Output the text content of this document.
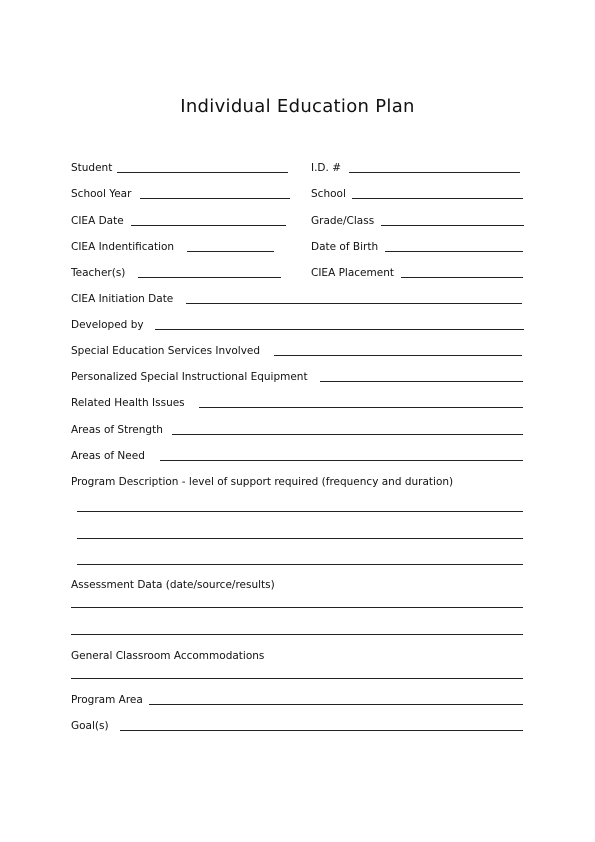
Individual Education Plan
Student	I.D. #
School Year	School
CIEA Date	Grade/Class
CIEA Indentification	Date of Birth
Teacher(s)	CIEA Placement
CIEA Initiation Date
Developed by
Special Education Services Involved
Personalized Special Instructional Equipment
Related Health Issues
Areas of Strength
Areas of Need
Program Description - level of support required (frequency and duration)
Assessment Data (date/source/results)
General Classroom Accommodations
Program Area
Goal(s)
